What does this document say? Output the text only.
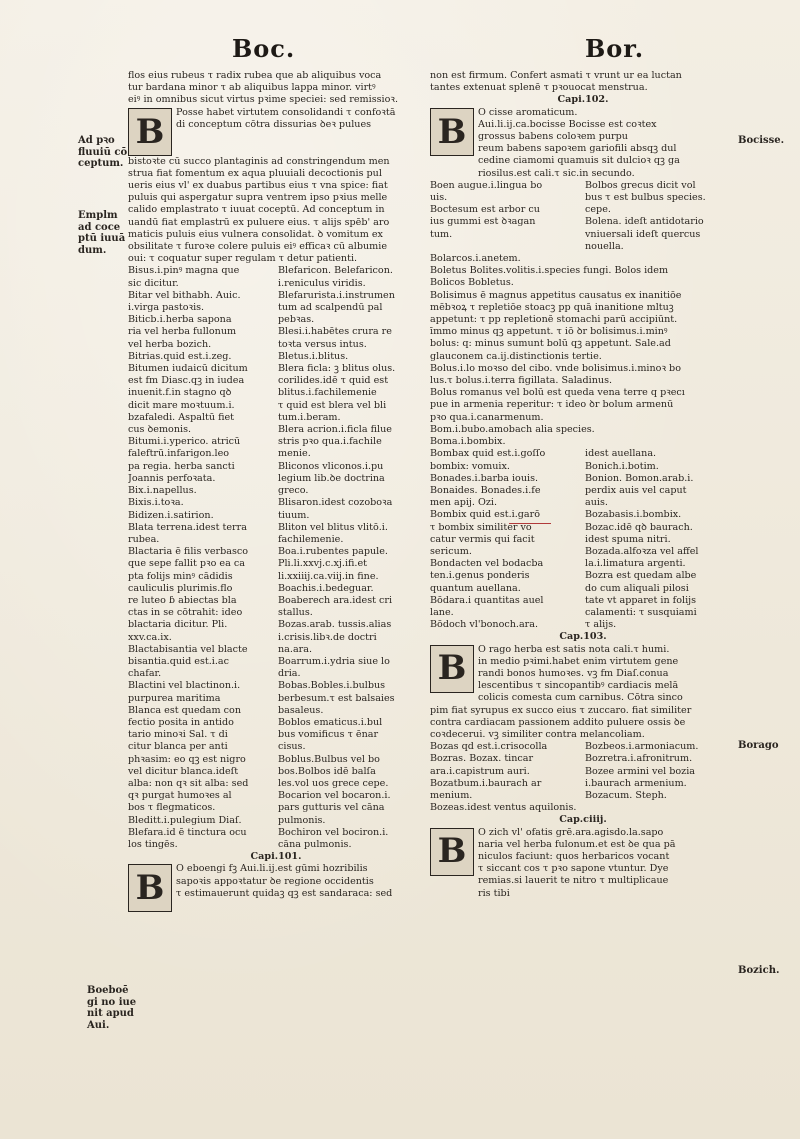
Boc.	Bor.
flos eius rubeus τ radix rubea que ab aliquibus voca
tur bardana minor τ ab aliquibus lappa minor. virtꝰ
eiꝰ in omnibus sicut virtus pꝛime speciei: sed remissioꝛ.
B	Posse habet virtutem consolidandi τ confoꝛtā
di conceptum cōtra dissurias ꝺeꝛ pulues
bistoꝛte cū succo plantaginis ad constringendum men
strua fiat fomentum ex aqua pluuiali decoctionis pul
ueris eius vl' ex duabus partibus eius τ vna spice: fiat
puluis qui aspergatur supra ventrem ipso pꝛius melle
calido emplastrato τ iuuat coceptū. Ad conceptum in
uandū fiat emplastrū ex puluere eius. τ alijs spēb' aro
maticis puluis eius vulnera consolidat. ꝺ vomitum ex
obsilitate τ furoꝛe colere puluis eiꝰ efficaꝛ cū albumie
oui: τ coquatur super regulam τ detur patienti.
Bisus.i.pinꝰ magna que
sic dicitur.
Bitar vel bithabh. Auic.
i.virga pastoꝛis.
Biticb.i.herba sapona
ria vel herba fullonum
vel herba bozich.
Bitrias.quid est.i.zeg.
Bitumen iudaicū dicitum
est fm Diasc.qꝫ in iudea
inuenit.f.in stagno qꝺ
dicit mare moꝛtuum.i.
bzafaledi. Aspaltū fiet
cus ꝺemonis.
Bitumi.i.yperico. atricū
faleftrū.infarigon.leo
pa regia. herba sancti
Joannis perfoꝛata.
Bix.i.napellus.
Bixis.i.toꝛa.
Bidizen.i.satirion.
Blata terrena.idest terra
rubea.
Blactaria ē filis verbasco
que sepe fallit pꝛo ea ca
pta folijs minꝰ cādidis
cauliculis plurimis.flo
re luteo ɓ abiectas bla
ctas in se cōtrahit: ideo
blactaria dicitur. Pli.
xxv.ca.ix.
Blactabisantia vel blacte
bisantia.quid est.i.ac
chafar.
Blactini vel blactinon.i.
purpurea maritima
Blanca est quedam con
fectio posita in antido
tario minoꝛi Sal. τ di
citur blanca per anti
phꝛasim: eo qꝫ est nigro
vel dicitur blanca.ideſt
alba: non qꝛ sit alba: sed
qꝛ purgat humoꝛes al
bos τ flegmaticos.
Bleditt.i.pulegium Diaſ.
Blefara.id ē tinctura ocu
los tingēs.
Blefaricon. Belefaricon.
i.reniculus viridis.
Blefarurista.i.instrumen
tum ad scalpendū pal
pebꝛas.
Blesi.i.habētes crura re
toꝛta versus intus.
Bletus.i.blitus.
Blera ficla: ꝫ blitus olus.
corilides.idē τ quid est
blitus.i.fachilemenie
τ quid est blera vel bli
tum.i.beram.
Blera acrion.i.ficla filue
stris pꝛo qua.i.fachile
menie.
Bliconos vliconos.i.pu
legium lib.ꝺe doctrina
greco.
Blisaron.idest cozoboꝛa
tiuum.
Bliton vel blitus vlitō.i.
fachilemenie.
Boa.i.rubentes papule.
Pli.li.xxvj.c.xj.ifi.et
li.xxiiij.ca.viij.in fine.
Boachis.i.bedeguar.
Boaberech ara.idest cri
stallus.
Bozas.arab. tussis.alias
i.crisis.libꝛ.de doctri
na.ara.
Boarrum.i.ydria siue lo
dria.
Bobas.Bobles.i.bulbus
berbesum.τ est balsaies
basaleus.
Boblos ematicus.i.bul
bus vomificus τ ēnar
cisus.
Boblus.Bulbus vel bo
bos.Bolbos idē balſa
les.vol uos grece cepe.
Bocarion vel bocaron.i.
pars gutturis vel cāna
pulmonis.
Bochiron vel bociron.i.
cāna pulmonis.
Capi.101.
B	O eboengi fꝫ Aui.li.ij.est gūmi hozribilis
sapoꝛis appoꝛtatur ꝺe regione occidentis
τ estimauerunt quidaꝫ qꝫ est sandaraca: sed
non est firmum. Confert asmati τ vrunt ur ea luctan
tantes extenuat splenē τ pꝛouocat menstrua.
Capi.102.
B	O cisse aromaticum.
Aui.li.ij.ca.bocisse Bocisse est coꝛtex
grossus babens coloꝛem purpu
reum babens sapoꝛem gariofili absqꝫ dul
cedine ciamomi quamuis sit dulcioꝛ qꝫ ga
riosilus.est cali.τ sic.in secundo.
Boen augue.i.lingua bo
uis.
Boctesum est arbor cu
ius gummi est ꝺꝛagan
tum.
Bolbos grecus dicit vol
bus τ est bulbus species.
cepe.
Bolena. ideſt antidotario
vniuersali ideſt quercus
nouella.
Bolarcos.i.anetem.
Boletus Bolites.volitis.i.species fungi. Bolos idem
Bolicos Bobletus.
Bolisimus ē magnus appetitus causatus ex inanitiōe
mēbꝛoꝝ τ repletiōe stoacꝫ pp quā inanitione mltuꝫ
appetunt: τ pp repletionē stomachi parū accipiūnt.
īmmo minus qꝫ appetunt. τ iō ꝺr bolisimus.i.minꝰ
bolus: q: minus sumunt bolū qꝫ appetunt. Sale.ad
glauconem ca.ij.distinctionis tertie.
Bolus.i.lo moꝛso del cibo. vnde bolisimus.i.minoꝛ bo
lus.τ bolus.i.terra figillata. Saladinus.
Bolus romanus vel bolū est queda vena terre q pꝛecı
pue in armenia reperitur: τ ideo ꝺr bolum armenū
pꝛo qua.i.canarmenum.
Bom.i.bubo.amobach alia species.
Boma.i.bombix.
Bombax quid est.i.goſſo
bombix: vomuix.
Bonades.i.barba iouis.
Bonaides. Bonades.i.fe
men apij. Ozi.
Bombix quid est.i.garō
τ bombix similiter vo
catur vermis qui facit
sericum.
Bondacten vel bodacba
ten.i.genus ponderis
quantum auellana.
Bōdara.i quantitas auel
lane.
Bōdoch vl'bonoch.ara.
idest auellana.
Bonich.i.botim.
Bonion. Bomon.arab.i.
perdix auis vel caput
auis.
Bozabasis.i.bombix.
Bozac.idē qꝺ baurach.
idest spuma nitri.
Bozada.alfoꝛza vel affel
la.i.limatura argenti.
Bozra est quedam albe
do cum aliquali pilosi
tate vt apparet in folijs
calamenti: τ susquiami
τ alijs.
Cap.103.
B	O rago herba est satis nota cali.τ humi.
in medio pꝛimi.habet enim virtutem gene
randi bonos humoꝛes. vꝫ fm Diaſ.conua
lescentibus τ sincopantibꝰ cardiacis melā
colicis comesta cum carnibus. Cōtra sinco
pim fiat syrupus ex succo eius τ zuccaro. fiat similiter
contra cardiacam passionem addito puluere ossis ꝺe
coꝛdecerui. vꝫ similiter contra melancoliam.
Bozas qd est.i.crisocolla
Bozras. Bozax. tincar
ara.i.capistrum auri.
Bozatbum.i.baurach ar
menium.
Bozbeos.i.armoniacum.
Bozretra.i.afronitrum.
Bozee armini vel bozia
i.baurach armenium.
Bozacum. Steph.
Bozeas.idest ventus aquilonis.
Cap.ciiij.
B	O zich vl' ofatis grē.ara.agisdo.la.sapo
naria vel herba fulonum.et est ꝺe qua pā
niculos faciunt: quos herbaricos vocant
τ siccant cos τ pꝛo sapone vtuntur. Dye
remias.si lauerit te nitro τ multiplicaue
ris tibi
Ad pꝛo
fluuiū cō
ceptum.
Emplm
ad coce
ptū iuuā
dum.
Boeboē
gi no iue
nit apud
Aui.
Bocisse.
Borago
Bozich.
